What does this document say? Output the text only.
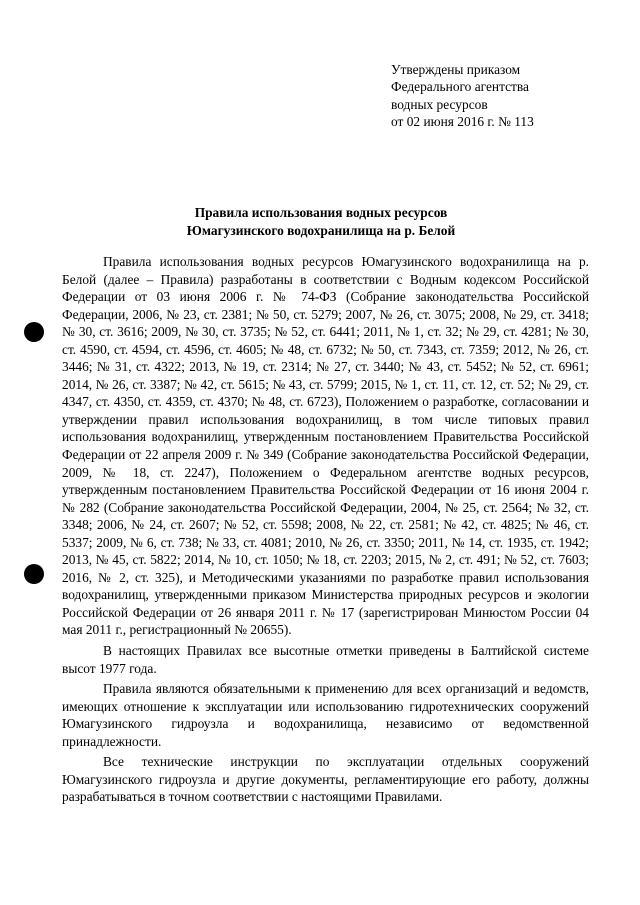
Утверждены приказом
Федерального агентства
водных ресурсов
от 02 июня 2016 г. № 113
Правила использования водных ресурсов
Юмагузинского водохранилища на р. Белой

Правила использования водных ресурсов Юмагузинского водохранилища на р. Белой (далее – Правила) разработаны в соответствии с Водным кодексом Российской Федерации от 03 июня 2006 г. № 74-ФЗ (Собрание законодательства Российской Федерации, 2006, № 23, ст. 2381; № 50, ст. 5279; 2007, № 26, ст. 3075; 2008, № 29, ст. 3418; № 30, ст. 3616; 2009, № 30, ст. 3735; № 52, ст. 6441; 2011, № 1, ст. 32; № 29, ст. 4281; № 30, ст. 4590, ст. 4594, ст. 4596, ст. 4605; № 48, ст. 6732; № 50, ст. 7343, ст. 7359; 2012, № 26, ст. 3446; № 31, ст. 4322; 2013, № 19, ст. 2314; № 27, ст. 3440; № 43, ст. 5452; № 52, ст. 6961; 2014, № 26, ст. 3387; № 42, ст. 5615; № 43, ст. 5799; 2015, № 1, ст. 11, ст. 12, ст. 52; № 29, ст. 4347, ст. 4350, ст. 4359, ст. 4370; № 48, ст. 6723), Положением о разработке, согласовании и утверждении правил использования водохранилищ, в том числе типовых правил использования водохранилищ, утвержденным постановлением Правительства Российской Федерации от 22 апреля 2009 г. № 349 (Собрание законодательства Российской Федерации, 2009, № 18, ст. 2247), Положением о Федеральном агентстве водных ресурсов, утвержденным постановлением Правительства Российской Федерации от 16 июня 2004 г. № 282 (Собрание законодательства Российской Федерации, 2004, № 25, ст. 2564; № 32, ст. 3348; 2006, № 24, ст. 2607; № 52, ст. 5598; 2008, № 22, ст. 2581; № 42, ст. 4825; № 46, ст. 5337; 2009, № 6, ст. 738; № 33, ст. 4081; 2010, № 26, ст. 3350; 2011, № 14, ст. 1935, ст. 1942; 2013, № 45, ст. 5822; 2014, № 10, ст. 1050; № 18, ст. 2203; 2015, № 2, ст. 491; № 52, ст. 7603; 2016, № 2, ст. 325), и Методическими указаниями по разработке правил использования водохранилищ, утвержденными приказом Министерства природных ресурсов и экологии Российской Федерации от 26 января 2011 г. № 17 (зарегистрирован Минюстом России 04 мая 2011 г., регистрационный № 20655).

В настоящих Правилах все высотные отметки приведены в Балтийской системе высот 1977 года.

Правила являются обязательными к применению для всех организаций и ведомств, имеющих отношение к эксплуатации или использованию гидротехнических сооружений Юмагузинского гидроузла и водохранилища, независимо от ведомственной принадлежности.

Все технические инструкции по эксплуатации отдельных сооружений Юмагузинского гидроузла и другие документы, регламентирующие его работу, должны разрабатываться в точном соответствии с настоящими Правилами.
